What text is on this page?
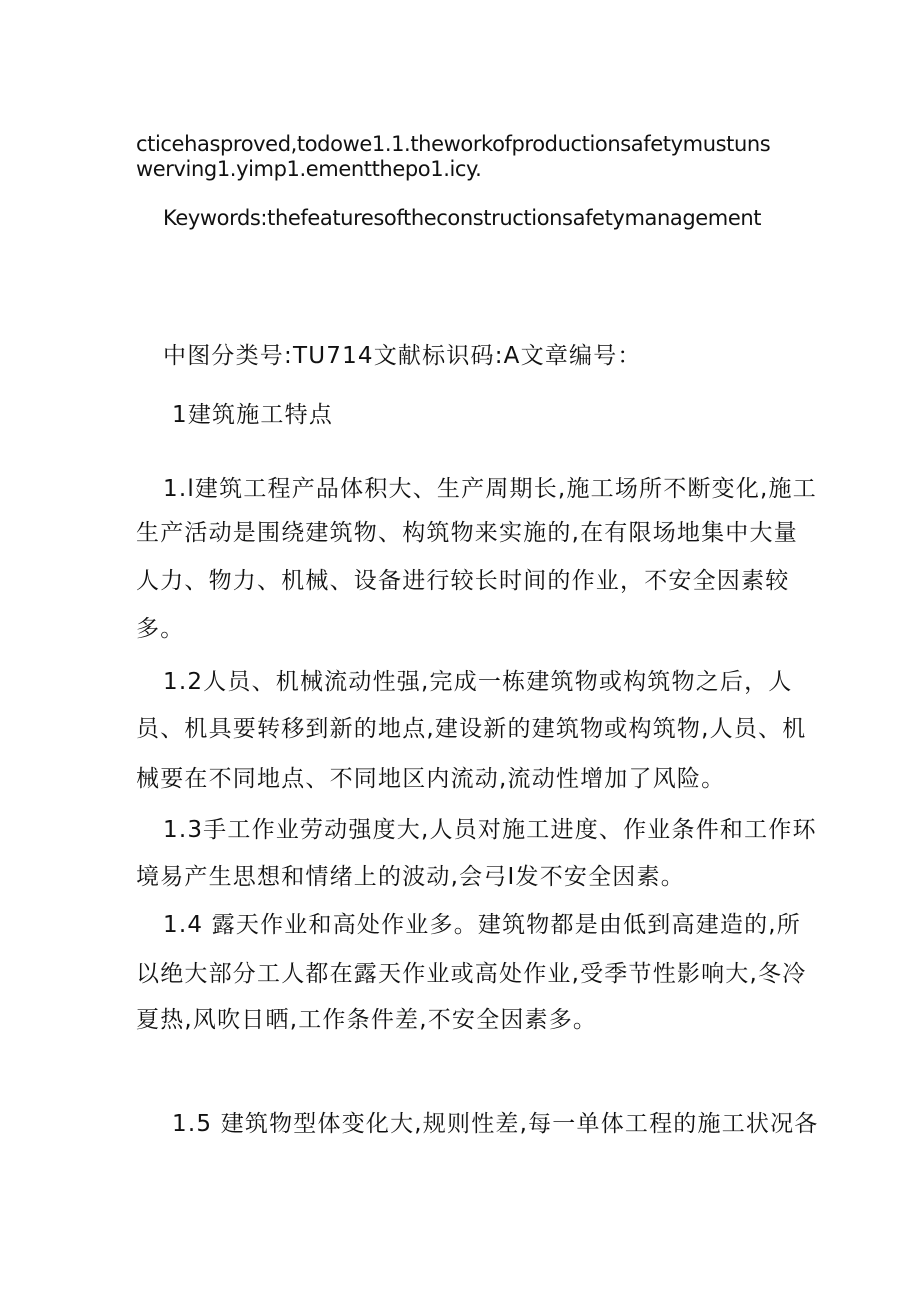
cticehasproved,todowe1.1.theworkofproductionsafetymustuns
werving1.yimp1.ementthepo1.icy.
Keywords:thefeaturesoftheconstructionsafetymanagement
中图分类号:TU714文献标识码:A文章编号：
1建筑施工特点
1.l建筑工程产品体积大、生产周期长,施工场所不断变化,施工
生产活动是围绕建筑物、构筑物来实施的,在有限场地集中大量
人力、物力、机械、设备进行较长时间的作业，不安全因素较
多。
1.2人员、机械流动性强,完成一栋建筑物或构筑物之后，人
员、机具要转移到新的地点,建设新的建筑物或构筑物,人员、机
械要在不同地点、不同地区内流动,流动性增加了风险。
1.3手工作业劳动强度大,人员对施工进度、作业条件和工作环
境易产生思想和情绪上的波动,会弓I发不安全因素。
1.4 露天作业和高处作业多。建筑物都是由低到高建造的,所
以绝大部分工人都在露天作业或高处作业,受季节性影响大,冬冷
夏热,风吹日晒,工作条件差,不安全因素多。
1.5 建筑物型体变化大,规则性差,每一单体工程的施工状况各
